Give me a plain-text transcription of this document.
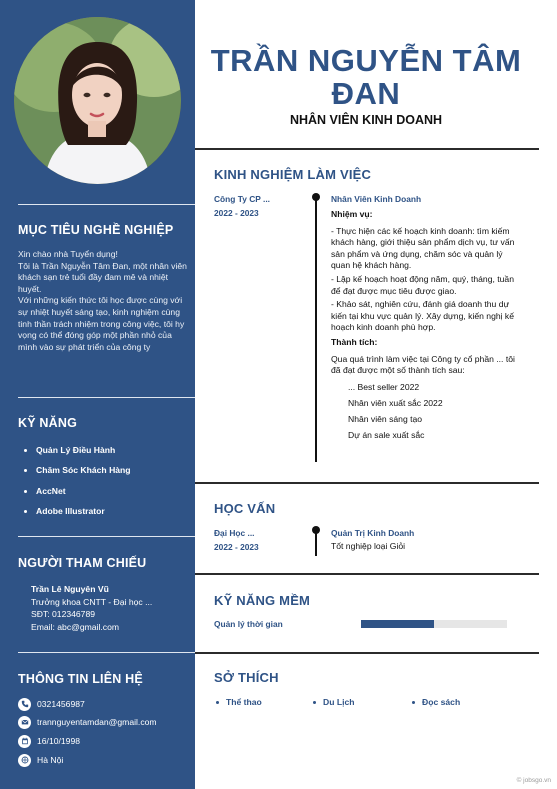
MỤC TIÊU NGHỀ NGHIỆP

Xin chào nhà Tuyển dụng!

Tôi là Trần Nguyễn Tâm Đan, một nhân viên khách sạn trẻ tuổi đầy đam mê và nhiệt huyết.

Với những kiến thức tôi học được cùng với sự nhiệt huyết sáng tạo, kinh nghiệm cùng tinh thần trách nhiệm trong công việc, tôi hy vọng có thể đóng góp một phần nhỏ của mình vào sự phát triển của công ty

KỸ NĂNG
Quản Lý Điều Hành
Chăm Sóc Khách Hàng
AccNet
Adobe Illustrator
NGƯỜI THAM CHIẾU
Trần Lê Nguyên Vũ
Trưởng khoa CNTT - Đại học ...
SĐT: 012346789
Email: abc@gmail.com
THÔNG TIN LIÊN HỆ
0321456987
trannguyentamdan@gmail.com
16/10/1998
Hà Nội
TRẦN NGUYỄN TÂM ĐAN
NHÂN VIÊN KINH DOANH
KINH NGHIỆM LÀM VIỆC
Công Ty CP ...
2022 - 2023
Nhân Viên Kinh Doanh
Nhiệm vụ:

- Thực hiện các kế hoạch kinh doanh: tìm kiếm khách hàng, giới thiệu sản phẩm dịch vụ, tư vấn sản phẩm và ứng dụng, chăm sóc và quản lý quan hệ khách hàng.

- Lập kế hoạch hoạt động năm, quý, tháng, tuần để đạt được mục tiêu được giao.

- Khảo sát, nghiên cứu, đánh giá doanh thu dự kiến tại khu vực quản lý. Xây dựng, kiến nghị kế hoạch kinh doanh phù hợp.

Thành tích:

Qua quá trình làm việc tại Công ty cổ phần ... tôi đã đạt được một số thành tích sau:

... Best seller 2022
Nhân viên xuất sắc 2022
Nhân viên sáng tạo
Dự án sale xuất sắc
HỌC VẤN
Đại Học ...
2022 - 2023
Quản Trị Kinh Doanh
Tốt nghiệp loại Giỏi
KỸ NĂNG MỀM
Quản lý thời gian
SỞ THÍCH
Thể thao	Du Lịch	Đọc sách
© jobsgo.vn
